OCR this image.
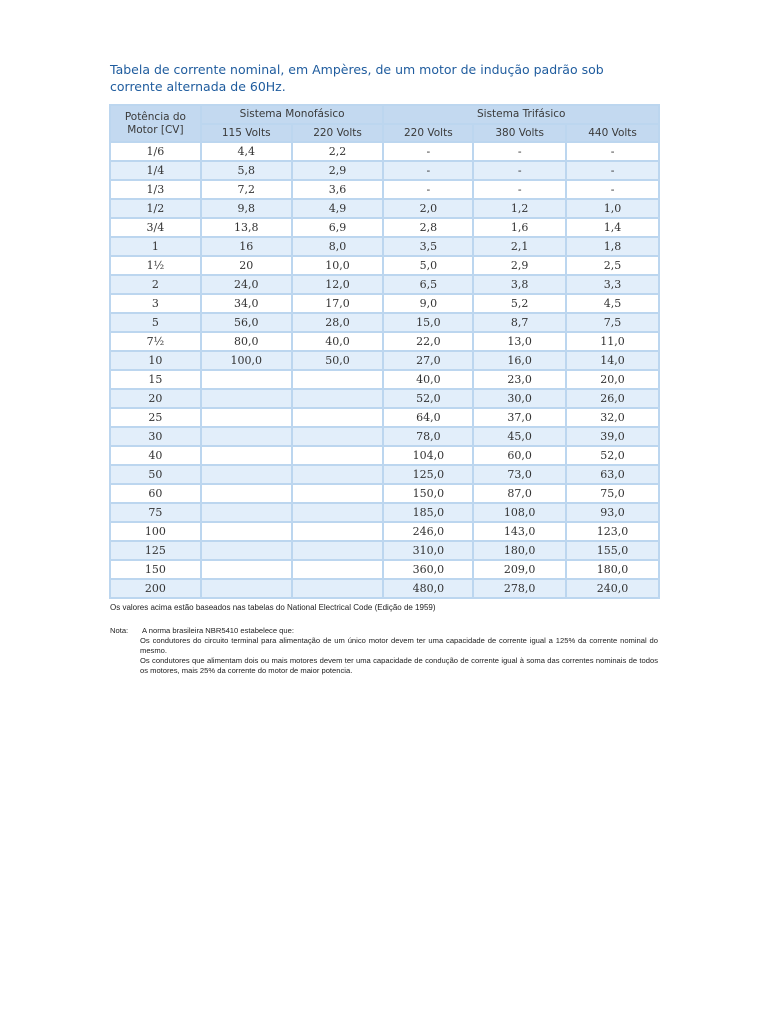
Tabela de corrente nominal, em Ampères, de um motor de indução padrão sob corrente alternada de 60Hz.
Potência do Motor [CV]	Sistema Monofásico		Sistema Trifásico		
	115 Volts	220 Volts	220 Volts	380 Volts	440 Volts
1/6	4,4	2,2	-	-	-
1/4	5,8	2,9	-	-	-
1/3	7,2	3,6	-	-	-
1/2	9,8	4,9	2,0	1,2	1,0
3/4	13,8	6,9	2,8	1,6	1,4
1	16	8,0	3,5	2,1	1,8
1½	20	10,0	5,0	2,9	2,5
2	24,0	12,0	6,5	3,8	3,3
3	34,0	17,0	9,0	5,2	4,5
5	56,0	28,0	15,0	8,7	7,5
7½	80,0	40,0	22,0	13,0	11,0
10	100,0	50,0	27,0	16,0	14,0
15			40,0	23,0	20,0
20			52,0	30,0	26,0
25			64,0	37,0	32,0
30			78,0	45,0	39,0
40			104,0	60,0	52,0
50			125,0	73,0	63,0
60			150,0	87,0	75,0
75			185,0	108,0	93,0
100			246,0	143,0	123,0
125			310,0	180,0	155,0
150			360,0	209,0	180,0
200			480,0	278,0	240,0
Os valores acima estão baseados nas tabelas do National Electrical Code (Edição de 1959)
Nota: A norma brasileira NBR5410 estabelece que:
Os condutores do circuito terminal para alimentação de um único motor devem ter uma capacidade de corrente igual a 125% da corrente nominal do mesmo.
Os condutores que alimentam dois ou mais motores devem ter uma capacidade de condução de corrente igual à soma das correntes nominais de todos os motores, mais 25% da corrente do motor de maior potencia.
